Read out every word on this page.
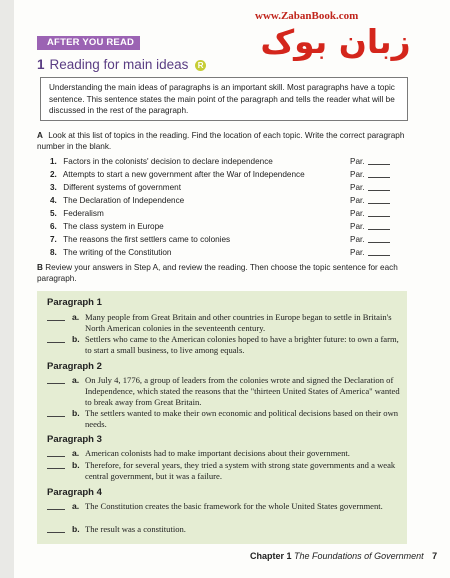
www.ZabanBook.com
زبان بوک
AFTER YOU READ
1 Reading for main ideas R

Understanding the main ideas of paragraphs is an important skill. Most paragraphs have a topic sentence. This sentence states the main point of the paragraph and tells the reader what will be discussed in the rest of the paragraph.

A Look at this list of topics in the reading. Find the location of each topic. Write the correct paragraph number in the blank.
1. Factors in the colonists' decision to declare independence	Par.
2. Attempts to start a new government after the War of Independence	Par.
3. Different systems of government	Par.
4. The Declaration of Independence	Par.
5. Federalism	Par.
6. The class system in Europe	Par.
7. The reasons the first settlers came to colonies	Par.
8. The writing of the Constitution	Par.
B Review your answers in Step A, and review the reading. Then choose the topic sentence for each paragraph.
Paragraph 1
a. Many people from Great Britain and other countries in Europe began to settle in Britain's North American colonies in the seventeenth century.
b. Settlers who came to the American colonies hoped to have a brighter future: to own a farm, to start a small business, to live among equals.
Paragraph 2
a. On July 4, 1776, a group of leaders from the colonies wrote and signed the Declaration of Independence, which stated the reasons that the "thirteen United States of America" wanted to break away from Great Britain.
b. The settlers wanted to make their own economic and political decisions based on their own needs.
Paragraph 3
a. American colonists had to make important decisions about their government.
b. Therefore, for several years, they tried a system with strong state governments and a weak central government, but it was a failure.
Paragraph 4
a. The Constitution creates the basic framework for the whole United States government.
b. The result was a constitution.
Chapter 1 The Foundations of Government 7
